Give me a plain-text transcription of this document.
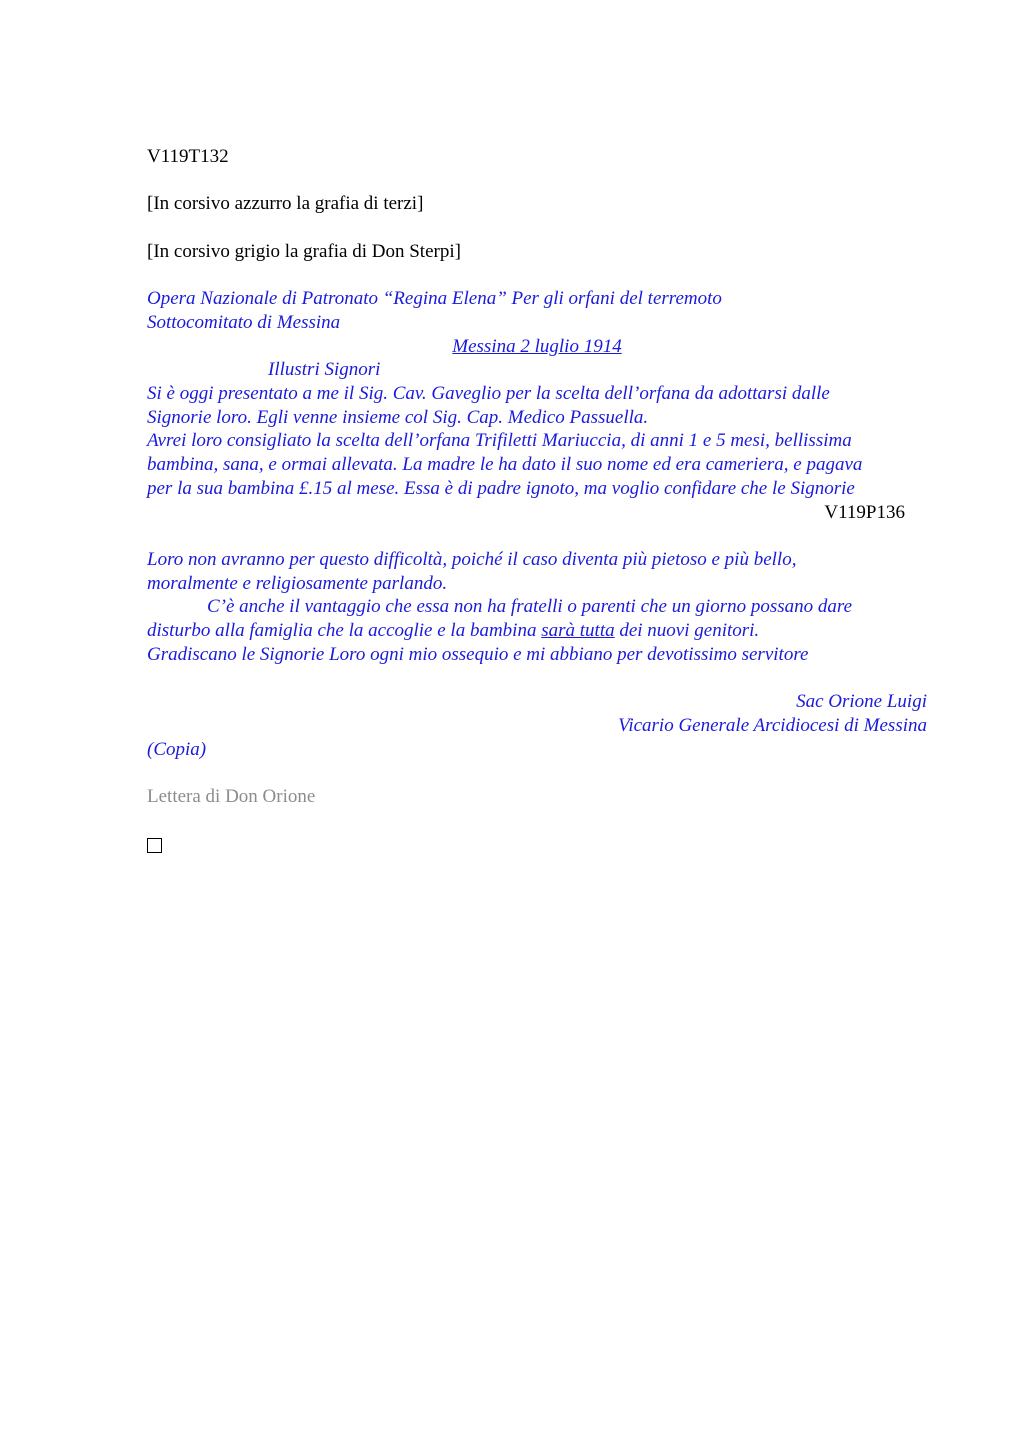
V119T132
[In corsivo azzurro la grafia di terzi]
[In corsivo grigio la grafia di Don Sterpi]
Opera Nazionale di Patronato “Regina Elena” Per gli orfani del terremoto
Sottocomitato di Messina
Messina 2 luglio 1914
Illustri Signori
Si è oggi presentato a me il Sig. Cav. Gaveglio per la scelta dell’orfana da adottarsi dalle
Signorie loro. Egli venne insieme col Sig. Cap. Medico Passuella.
Avrei loro consigliato la scelta dell’orfana Trifiletti Mariuccia, di anni 1 e 5 mesi, bellissima
bambina, sana, e ormai allevata. La madre le ha dato il suo nome ed era cameriera, e pagava
per la sua bambina £.15 al mese. Essa è di padre ignoto, ma voglio confidare che le Signorie
V119P136
Loro non avranno per questo difficoltà, poiché il caso diventa più pietoso e più bello,
moralmente e religiosamente parlando.
C’è anche il vantaggio che essa non ha fratelli o parenti che un giorno possano dare
disturbo alla famiglia che la accoglie e la bambina sarà tutta dei nuovi genitori.
Gradiscano le Signorie Loro ogni mio ossequio e mi abbiano per devotissimo servitore
Sac Orione Luigi
Vicario Generale Arcidiocesi di Messina
(Copia)
Lettera di Don Orione
